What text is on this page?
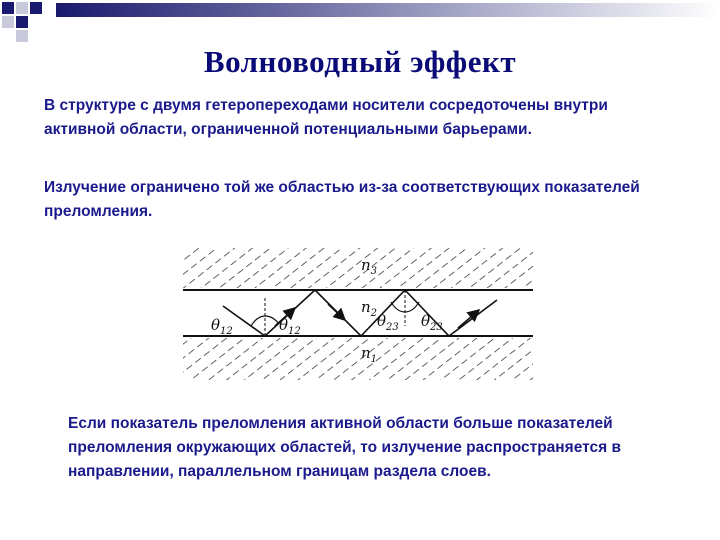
Волноводный эффект

В структуре с двумя гетеропереходами носители сосредоточены внутри активной области, ограниченной потенциальными барьерами.

Излучение ограничено той же областью из-за соответствующих показателей преломления.

$n_3$
$n_2$
$n_1$
$\theta_{12}$	$\theta_{12}$
$\theta_{23}$ $\theta_{23}$

Если показатель преломления активной области больше показателей преломления окружающих областей, то излучение распространяется в направлении, параллельном границам раздела слоев.
